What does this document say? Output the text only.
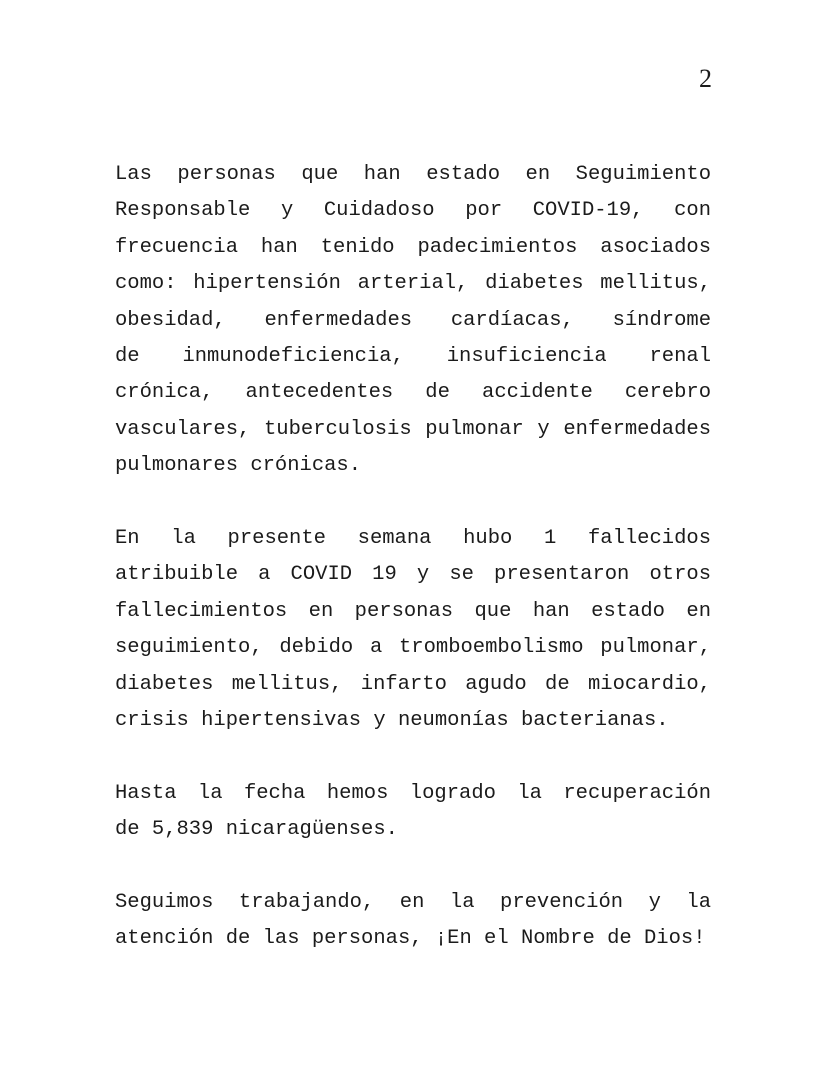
2
Las personas que han estado en Seguimiento
Responsable y Cuidadoso por COVID-19, con
frecuencia han tenido padecimientos asociados
como: hipertensión arterial, diabetes mellitus,
obesidad, enfermedades cardíacas, síndrome
de inmunodeficiencia, insuficiencia renal
crónica, antecedentes de accidente cerebro
vasculares, tuberculosis pulmonar y enfermedades
pulmonares crónicas.
En la presente semana hubo 1 fallecidos
atribuible a COVID 19 y se presentaron otros
fallecimientos en personas que han estado en
seguimiento, debido a tromboembolismo pulmonar,
diabetes mellitus, infarto agudo de miocardio,
crisis hipertensivas y neumonías bacterianas.
Hasta la fecha hemos logrado la recuperación
de 5,839 nicaragüenses.
Seguimos trabajando, en la prevención y la
atención de las personas, ¡En el Nombre de Dios!
